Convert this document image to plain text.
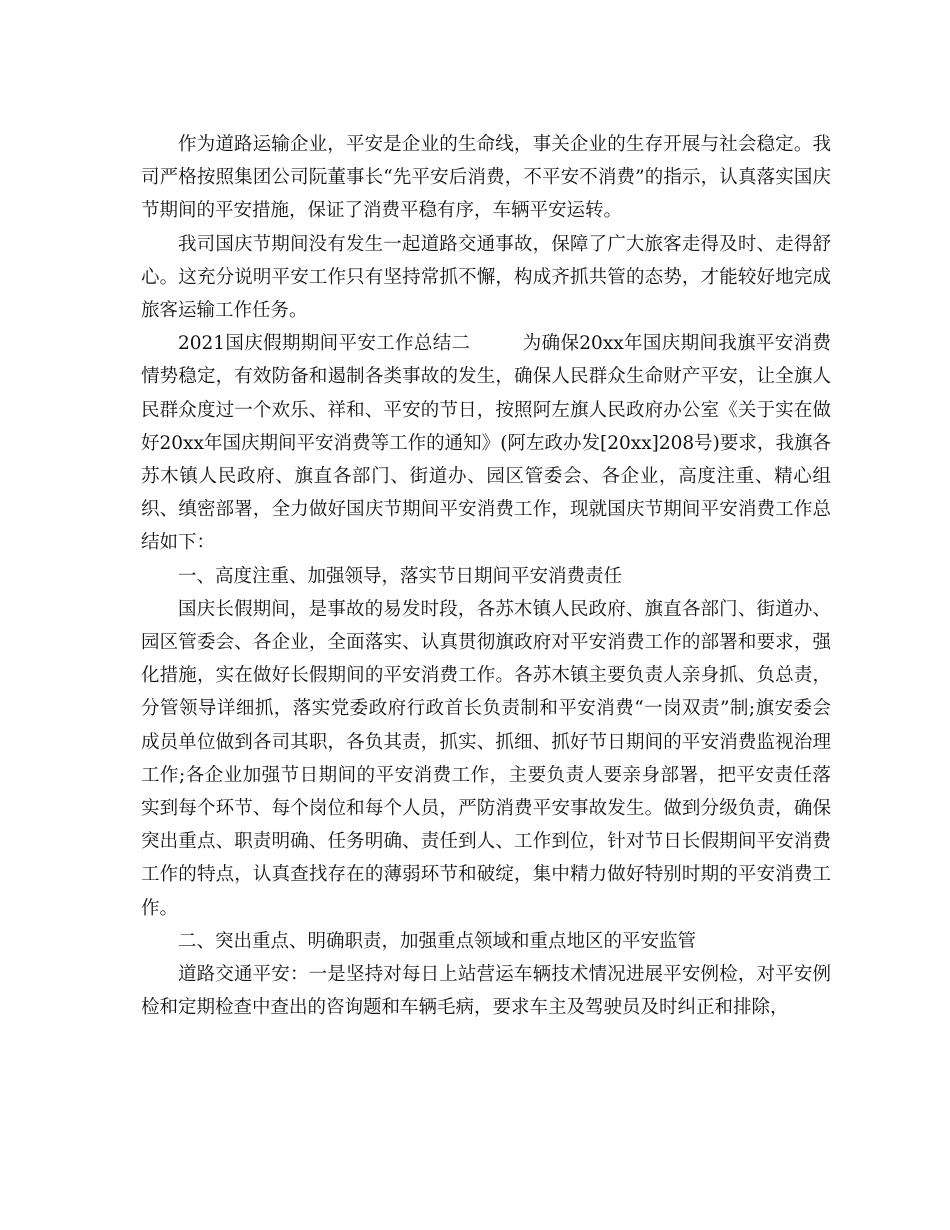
作为道路运输企业，平安是企业的生命线，事关企业的生存开展与社会稳定。我司严格按照集团公司阮董事长“先平安后消费，不平安不消费”的指示，认真落实国庆节期间的平安措施，保证了消费平稳有序，车辆平安运转。

我司国庆节期间没有发生一起道路交通事故，保障了广大旅客走得及时、走得舒心。这充分说明平安工作只有坚持常抓不懈，构成齐抓共管的态势，才能较好地完成旅客运输工作任务。

2021国庆假期期间平安工作总结二	为确保20xx年国庆期间我旗平安消费情势稳定，有效防备和遏制各类事故的发生，确保人民群众生命财产平安，让全旗人民群众度过一个欢乐、祥和、平安的节日，按照阿左旗人民政府办公室《关于实在做好20xx年国庆期间平安消费等工作的通知》(阿左政办发[20xx]208号)要求，我旗各苏木镇人民政府、旗直各部门、街道办、园区管委会、各企业，高度注重、精心组织、缜密部署，全力做好国庆节期间平安消费工作，现就国庆节期间平安消费工作总结如下：

一、高度注重、加强领导，落实节日期间平安消费责任

国庆长假期间，是事故的易发时段，各苏木镇人民政府、旗直各部门、街道办、园区管委会、各企业，全面落实、认真贯彻旗政府对平安消费工作的部署和要求，强化措施，实在做好长假期间的平安消费工作。各苏木镇主要负责人亲身抓、负总责，分管领导详细抓，落实党委政府行政首长负责制和平安消费“一岗双责”制;旗安委会成员单位做到各司其职，各负其责，抓实、抓细、抓好节日期间的平安消费监视治理工作;各企业加强节日期间的平安消费工作，主要负责人要亲身部署，把平安责任落实到每个环节、每个岗位和每个人员，严防消费平安事故发生。做到分级负责，确保突出重点、职责明确、任务明确、责任到人、工作到位，针对节日长假期间平安消费工作的特点，认真查找存在的薄弱环节和破绽，集中精力做好特别时期的平安消费工作。

二、突出重点、明确职责，加强重点领域和重点地区的平安监管

道路交通平安：一是坚持对每日上站营运车辆技术情况进展平安例检，对平安例检和定期检查中查出的咨询题和车辆毛病，要求车主及驾驶员及时纠正和排除，
